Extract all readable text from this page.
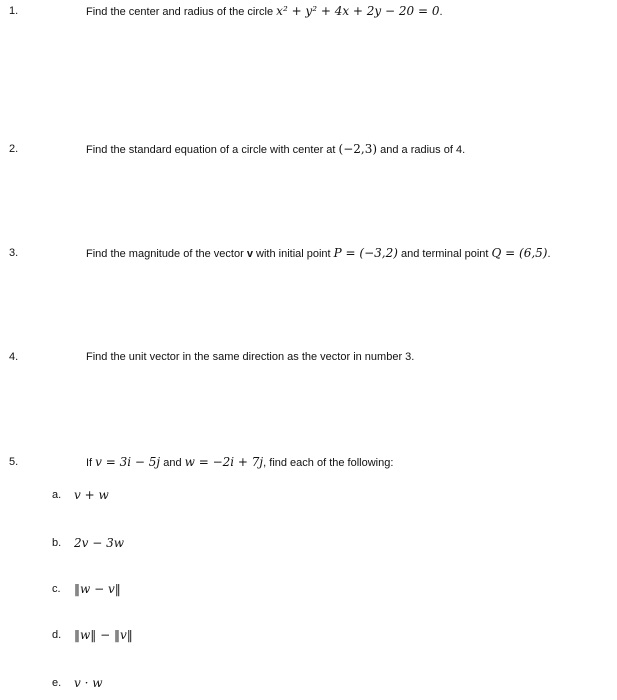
1.	Find the center and radius of the circle x² + y² + 4x + 2y − 20 = 0.
2.	Find the standard equation of a circle with center at (−2,3) and a radius of 4.
3.	Find the magnitude of the vector v with initial point P = (−3,2) and terminal point Q = (6,5).
4.	Find the unit vector in the same direction as the vector in number 3.
5.	If v = 3i − 5j and w = −2i + 7j, find each of the following:
a. v + w
b. 2v − 3w
c. ‖w − v‖
d. ‖w‖ − ‖v‖
e. v · w
